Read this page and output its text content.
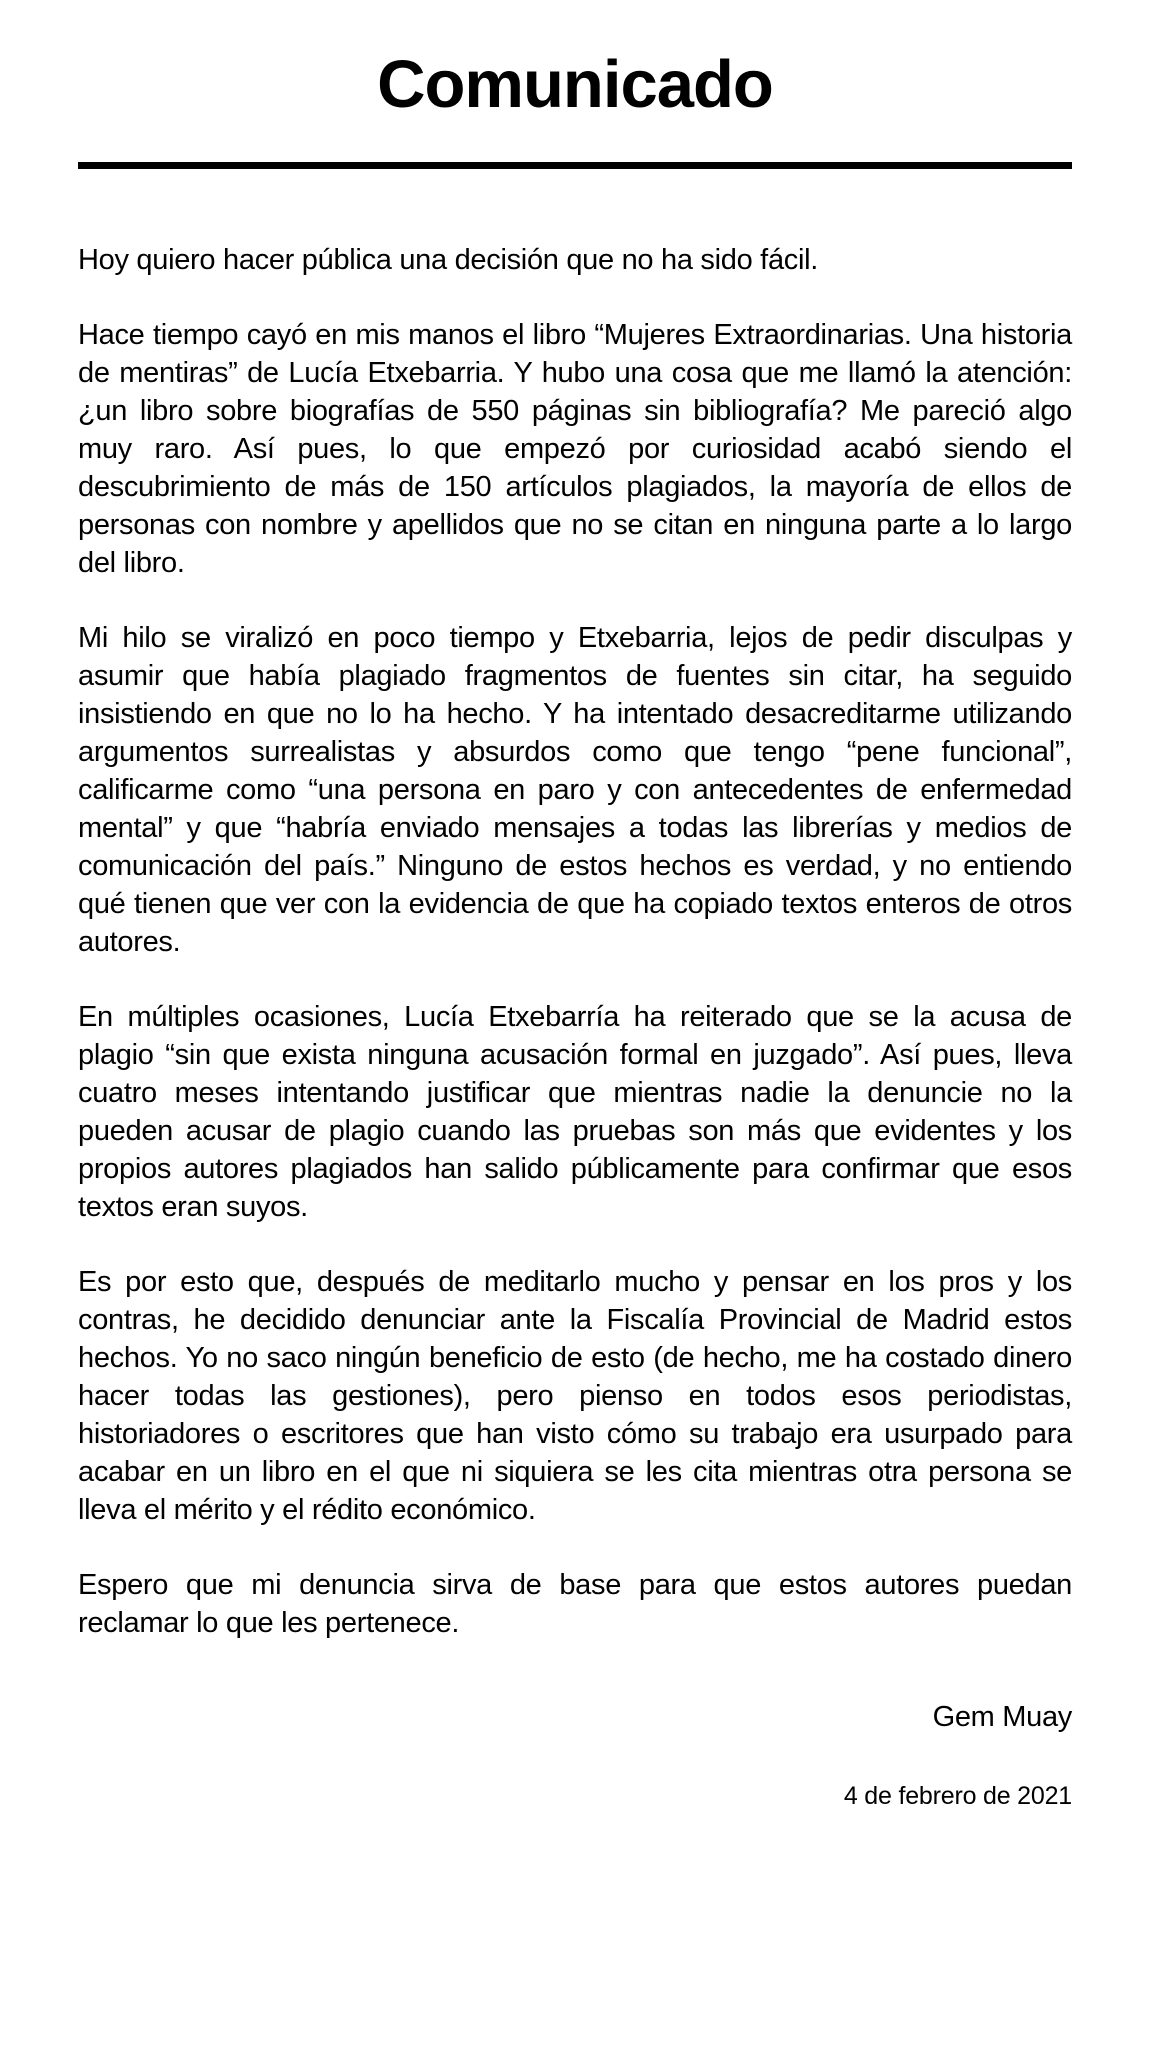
Comunicado

Hoy quiero hacer pública una decisión que no ha sido fácil.

Hace tiempo cayó en mis manos el libro “Mujeres Extraordinarias. Una historia de mentiras” de Lucía Etxebarria. Y hubo una cosa que me llamó la atención: ¿un libro sobre biografías de 550 páginas sin bibliografía? Me pareció algo muy raro. Así pues, lo que empezó por curiosidad acabó siendo el descubrimiento de más de 150 artículos plagiados, la mayoría de ellos de personas con nombre y apellidos que no se citan en ninguna parte a lo largo del libro.

Mi hilo se viralizó en poco tiempo y Etxebarria, lejos de pedir disculpas y asumir que había plagiado fragmentos de fuentes sin citar, ha seguido insistiendo en que no lo ha hecho. Y ha intentado desacreditarme utilizando argumentos surrealistas y absurdos como que tengo “pene funcional”, calificarme como “una persona en paro y con antecedentes de enfermedad mental” y que “habría enviado mensajes a todas las librerías y medios de comunicación del país.” Ninguno de estos hechos es verdad, y no entiendo qué tienen que ver con la evidencia de que ha copiado textos enteros de otros autores.

En múltiples ocasiones, Lucía Etxebarría ha reiterado que se la acusa de plagio “sin que exista ninguna acusación formal en juzgado”. Así pues, lleva cuatro meses intentando justificar que mientras nadie la denuncie no la pueden acusar de plagio cuando las pruebas son más que evidentes y los propios autores plagiados han salido públicamente para confirmar que esos textos eran suyos.

Es por esto que, después de meditarlo mucho y pensar en los pros y los contras, he decidido denunciar ante la Fiscalía Provincial de Madrid estos hechos. Yo no saco ningún beneficio de esto (de hecho, me ha costado dinero hacer todas las gestiones), pero pienso en todos esos periodistas, historiadores o escritores que han visto cómo su trabajo era usurpado para acabar en un libro en el que ni siquiera se les cita mientras otra persona se lleva el mérito y el rédito económico.

Espero que mi denuncia sirva de base para que estos autores puedan reclamar lo que les pertenece.

Gem Muay
4 de febrero de 2021
